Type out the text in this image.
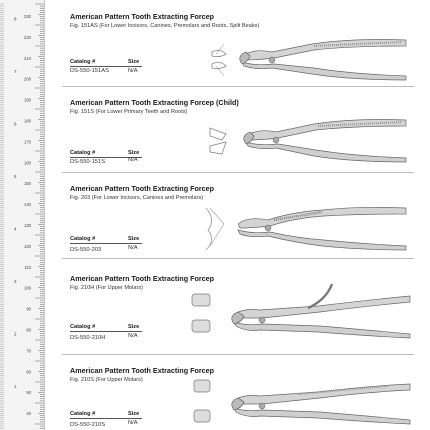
230
220
210
200
190
180
170
160
150
140
130
120
110
100
90
80
70
60
50
40
8
7
6
5
4
3
2
1
American Pattern Tooth Extracting Forcep
Fig. 151AS (For Lower Incisors, Canines, Premolars and Roots, Split Beaks)
Catalog #	Size
DS-550-151AS	N/A
American Pattern Tooth Extracting Forcep (Child)
Fig. 151S (For Lower Primary Teeth and Roots)
Catalog #	Size
DS-550-151S	N/A
American Pattern Tooth Extracting Forcep
Fig. 203 (For Lower Incisors, Canines and Premolars)
Catalog #	Size
DS-550-203	N/A
American Pattern Tooth Extracting Forcep
Fig. 210H (For Upper Molars)
Catalog #	Size
DS-550-210H	N/A
American Pattern Tooth Extracting Forcep
Fig. 210S (For Upper Molars)
Catalog #	Size
DS-550-210S	N/A
